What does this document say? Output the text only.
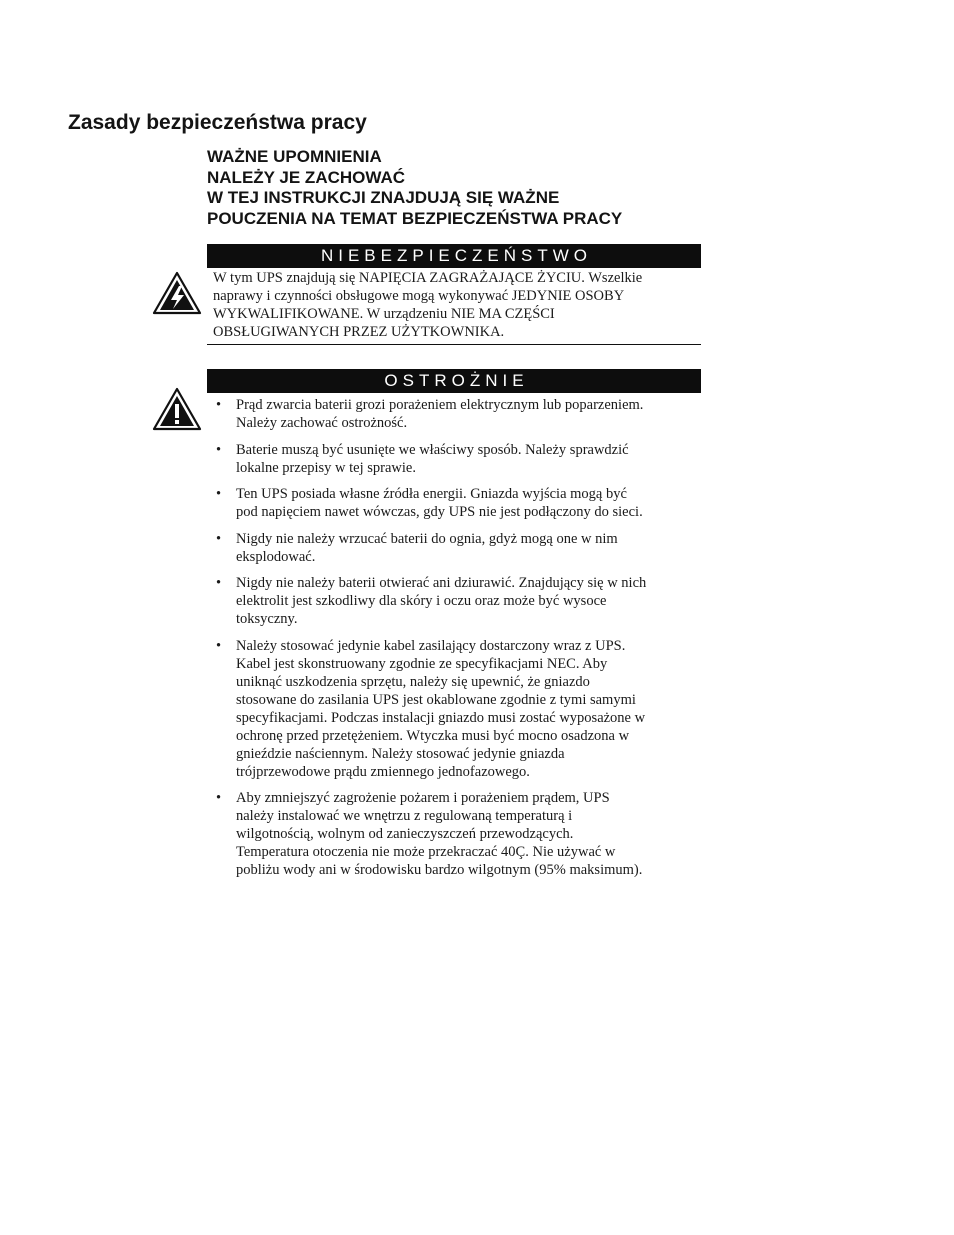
Zasady bezpieczeństwa pracy
WAŻNE UPOMNIENIA
NALEŻY JE ZACHOWAĆ
W TEJ INSTRUKCJI ZNAJDUJĄ SIĘ WAŻNE
POUCZENIA NA TEMAT BEZPIECZEŃSTWA PRACY
NIEBEZPIECZEŃSTWO
W tym UPS znajdują się NAPIĘCIA ZAGRAŻAJĄCE ŻYCIU. Wszelkie
naprawy i czynności obsługowe mogą wykonywać JEDYNIE OSOBY
WYKWALIFIKOWANE. W urządzeniu NIE MA CZĘŚCI
OBSŁUGIWANYCH PRZEZ UŻYTKOWNIKA.
OSTROŻNIE
•	Prąd zwarcia baterii grozi porażeniem elektrycznym lub poparzeniem.
Należy zachować ostrożność.
•	Baterie muszą być usunięte we właściwy sposób. Należy sprawdzić
lokalne przepisy w tej sprawie.
•	Ten UPS posiada własne źródła energii. Gniazda wyjścia mogą być
pod napięciem nawet wówczas, gdy UPS nie jest podłączony do sieci.
•	Nigdy nie należy wrzucać baterii do ognia, gdyż mogą one w nim
eksplodować.
•	Nigdy nie należy baterii otwierać ani dziurawić. Znajdujący się w nich
elektrolit jest szkodliwy dla skóry i oczu oraz może być wysoce
toksyczny.
•	Należy stosować jedynie kabel zasilający dostarczony wraz z UPS.
Kabel jest skonstruowany zgodnie ze specyfikacjami NEC. Aby
uniknąć uszkodzenia sprzętu, należy się upewnić, że gniazdo
stosowane do zasilania UPS jest okablowane zgodnie z tymi samymi
specyfikacjami. Podczas instalacji gniazdo musi zostać wyposażone w
ochronę przed przetężeniem. Wtyczka musi być mocno osadzona w
gnieździe naściennym. Należy stosować jedynie gniazda
trójprzewodowe prądu zmiennego jednofazowego.
•	Aby zmniejszyć zagrożenie pożarem i porażeniem prądem, UPS
należy instalować we wnętrzu z regulowaną temperaturą i
wilgotnością, wolnym od zanieczyszczeń przewodzących.
Temperatura otoczenia nie może przekraczać 40Ç. Nie używać w
pobliżu wody ani w środowisku bardzo wilgotnym (95% maksimum).
